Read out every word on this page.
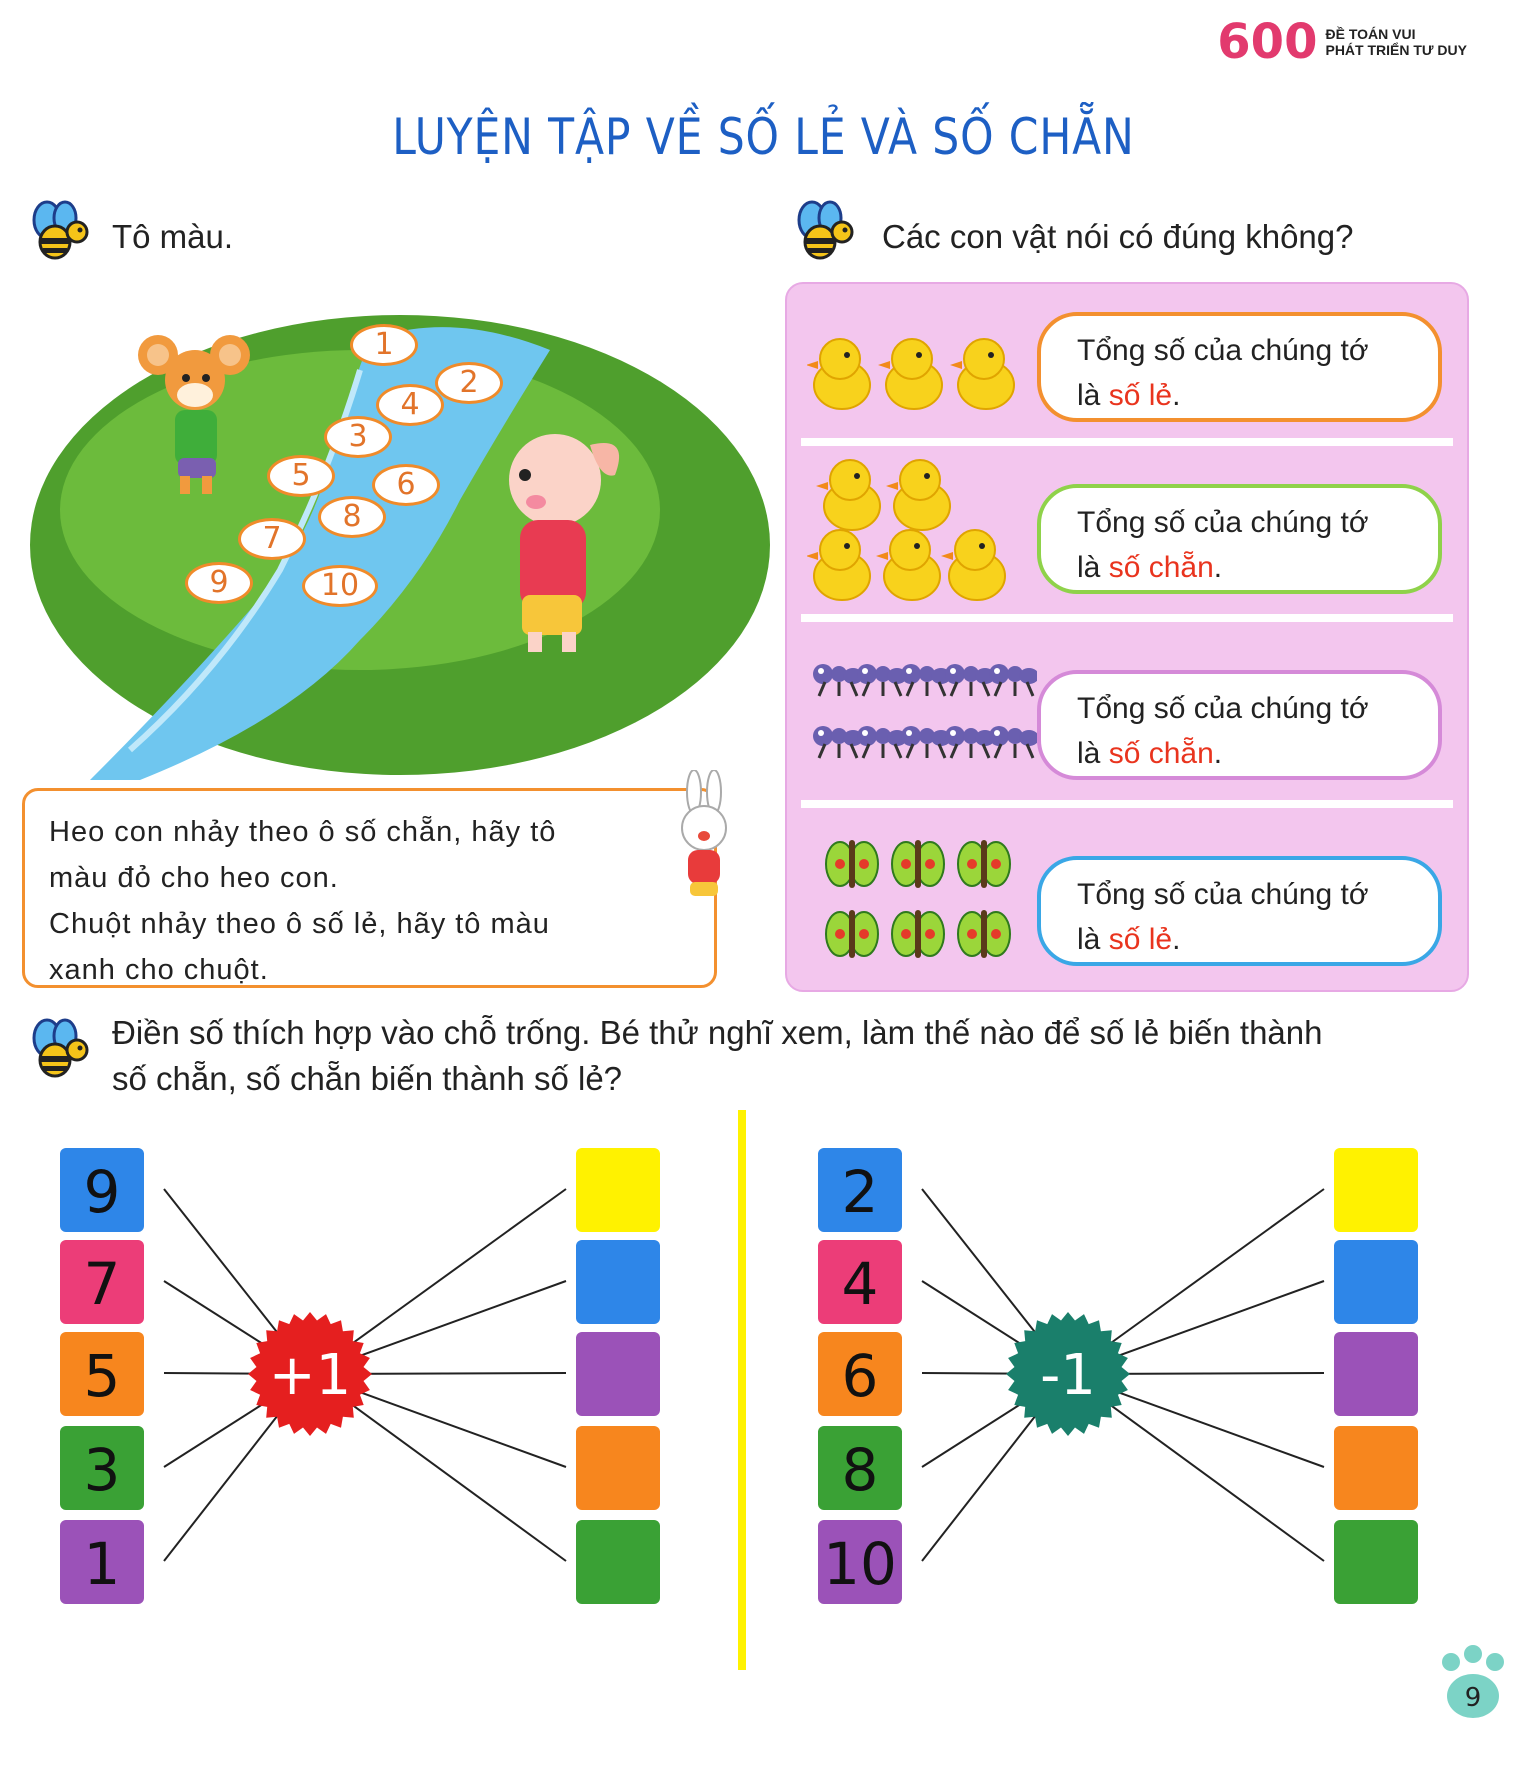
600 ĐỀ TOÁN VUI
PHÁT TRIỂN TƯ DUY
LUYỆN TẬP VỀ SỐ LẺ VÀ SỐ CHẴN
Tô màu.
1
2
4
3
5	6
8
7
9	10
Heo con nhảy theo ô số chẵn, hãy tô
màu đỏ cho heo con.
Chuột nhảy theo ô số lẻ, hãy tô màu
xanh cho chuột.
Các con vật nói có đúng không?
Tổng số của chúng tớ
là số lẻ.
Tổng số của chúng tớ
là số chẵn.
Tổng số của chúng tớ
là số chẵn.
Tổng số của chúng tớ
là số lẻ.
Điền số thích hợp vào chỗ trống. Bé thử nghĩ xem, làm thế nào để số lẻ biến thành
số chẵn, số chẵn biến thành số lẻ?
+1
9
7
5
3
1
-1
2
4
6
8
10
9
